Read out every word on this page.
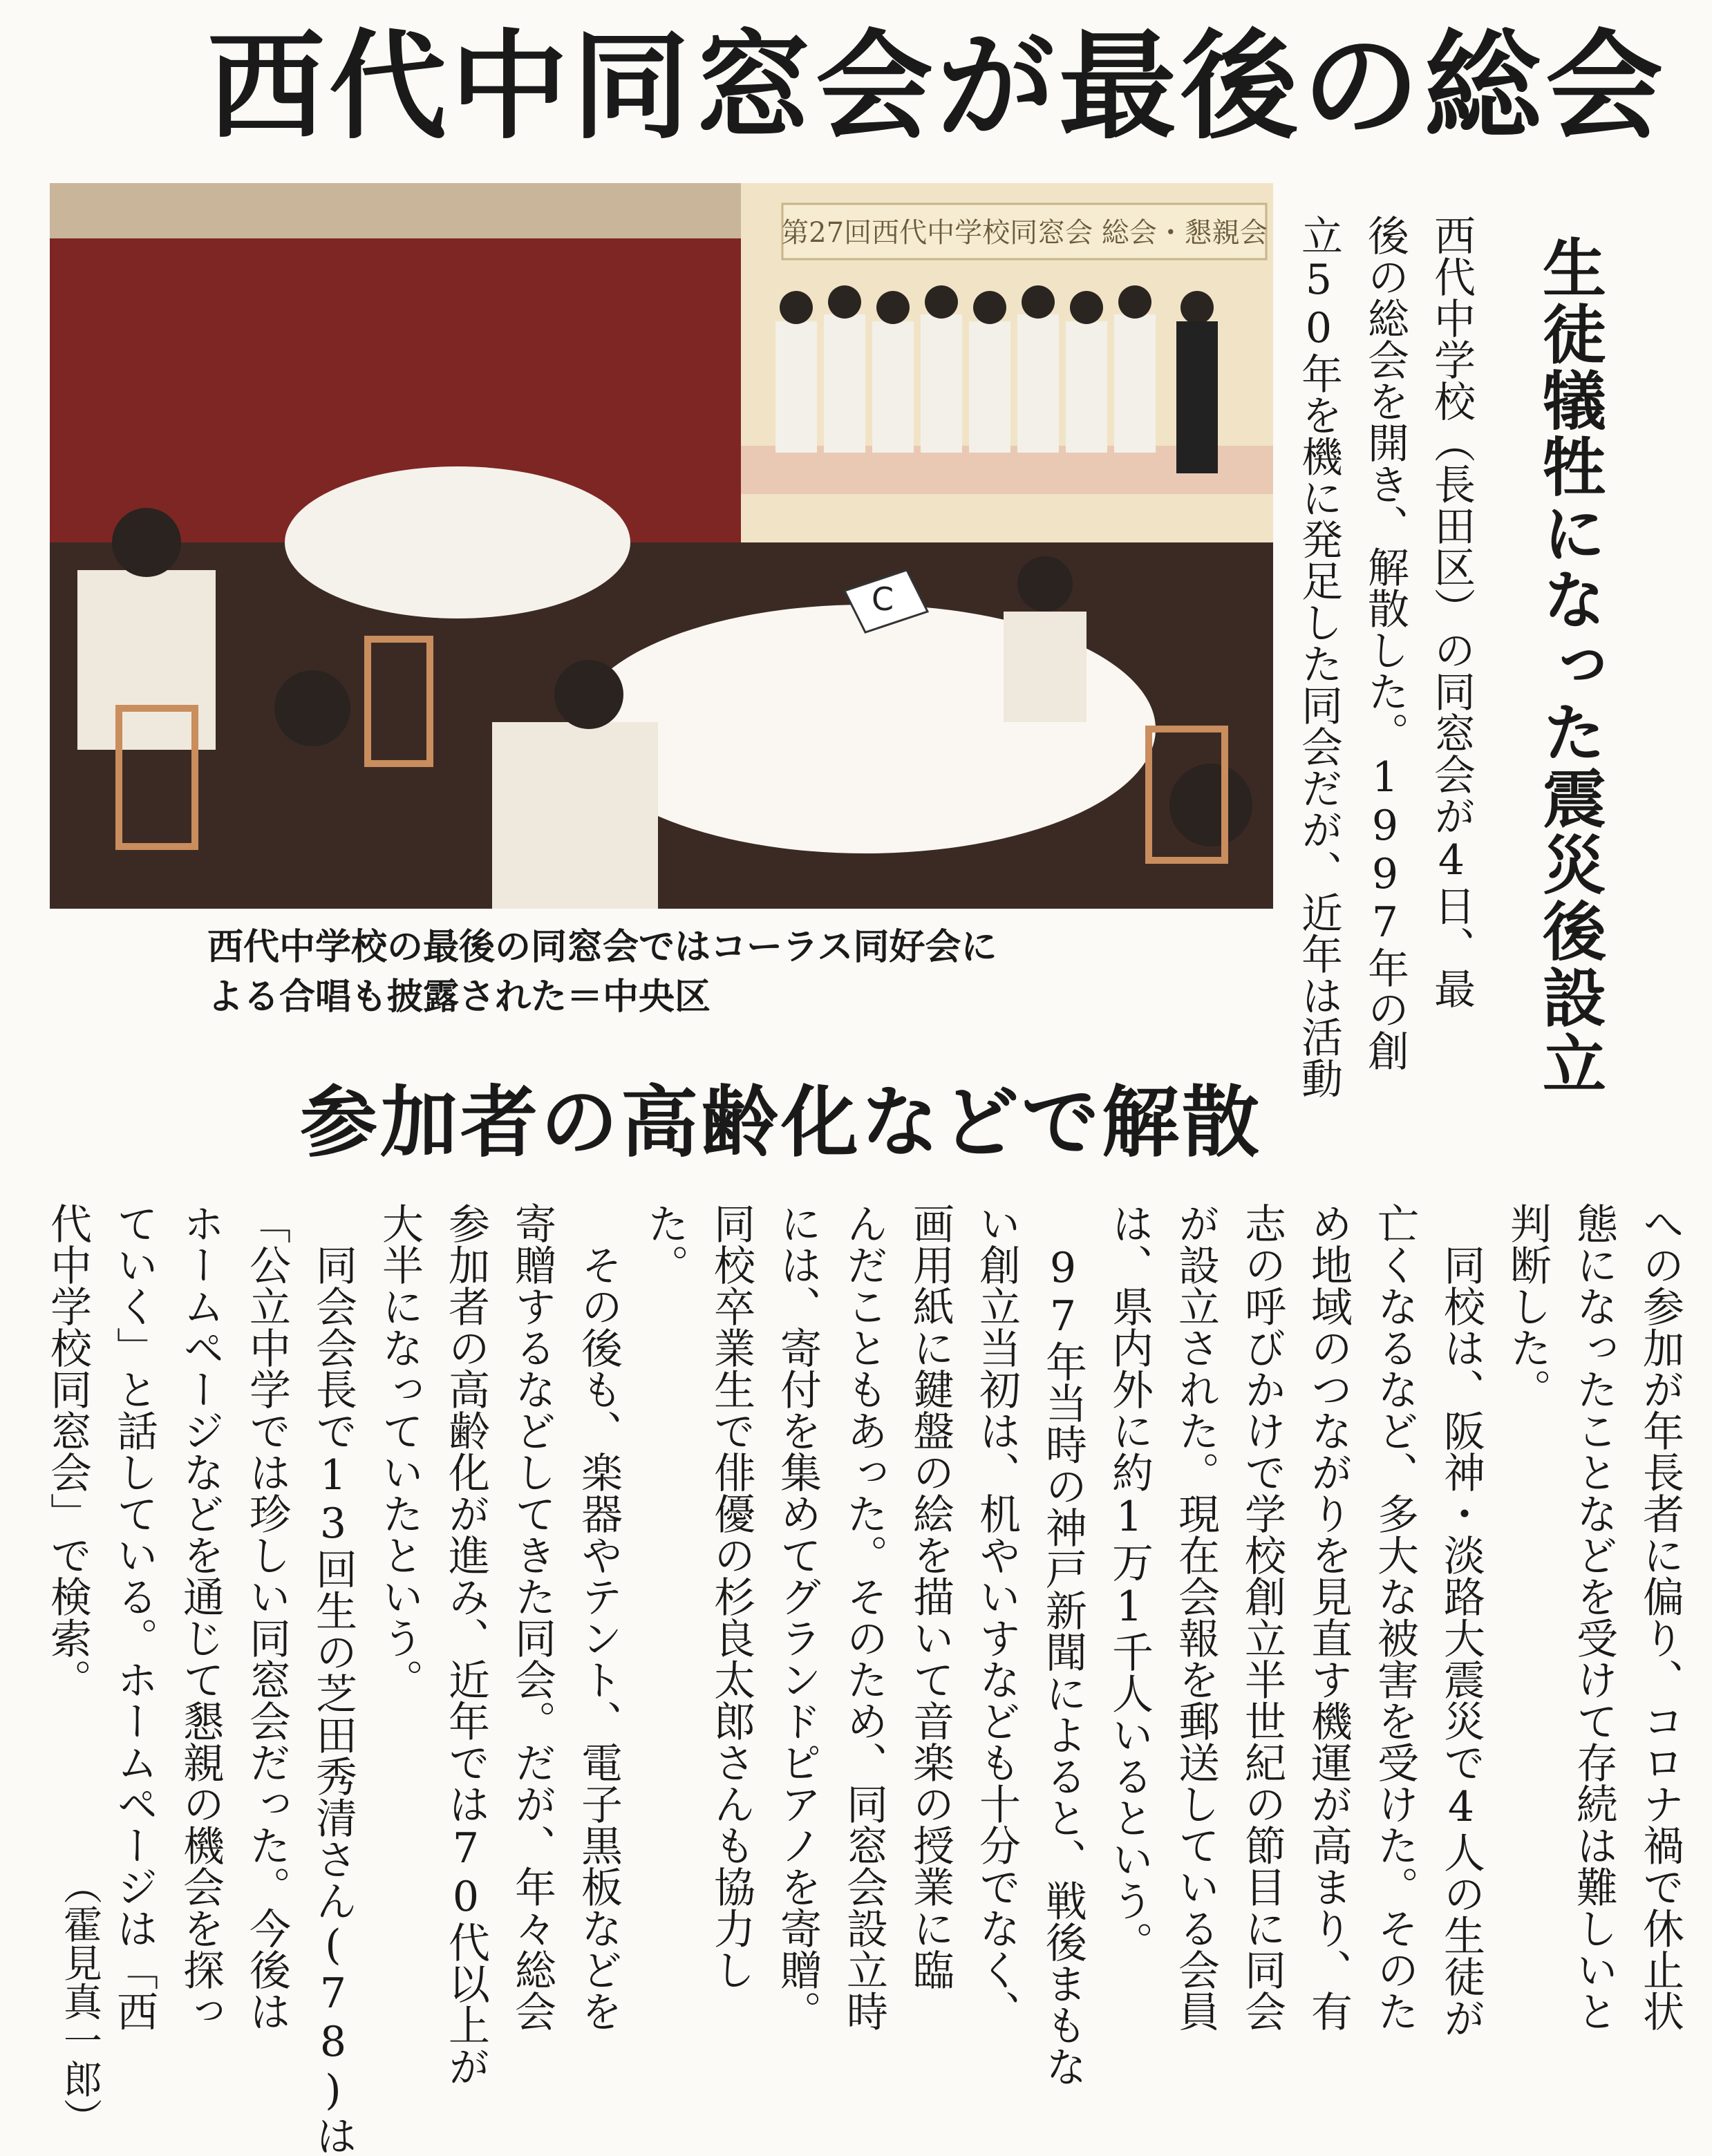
西代中同窓会が最後の総会
第27回西代中学校同窓会 総会・懇親会
C
西代中学校の最後の同窓会ではコーラス同好会に
よる合唱も披露された＝中央区	西代中学校（長田区）の同窓会が4日、最
後の総会を開き、解散した。1997年の創
立50年を機に発足した同会だが、近年は活動	生徒犠牲になった震災後設立
参加者の高齢化などで解散
への参加が年長者に偏り、コロナ禍で休止状
態になったことなどを受けて存続は難しいと
判断した。
　同校は、阪神・淡路大震災で4人の生徒が
亡くなるなど、多大な被害を受けた。そのた
め地域のつながりを見直す機運が高まり、有
志の呼びかけで学校創立半世紀の節目に同会
が設立された。現在会報を郵送している会員
は、県内外に約1万1千人いるという。
　97年当時の神戸新聞によると、戦後まもな
い創立当初は、机やいすなども十分でなく、
画用紙に鍵盤の絵を描いて音楽の授業に臨
んだこともあった。そのため、同窓会設立時
には、寄付を集めてグランドピアノを寄贈。
同校卒業生で俳優の杉良太郎さんも協力し
た。
　その後も、楽器やテント、電子黒板などを
寄贈するなどしてきた同会。だが、年々総会
参加者の高齢化が進み、近年では70代以上が
大半になっていたという。
　同会会長で13回生の芝田秀清さん(78)は
「公立中学では珍しい同窓会だった。今後は
ホームページなどを通じて懇親の機会を探っ
ていく」と話している。ホームページは「西
代中学校同窓会」で検索。
（霍見真一郎）
